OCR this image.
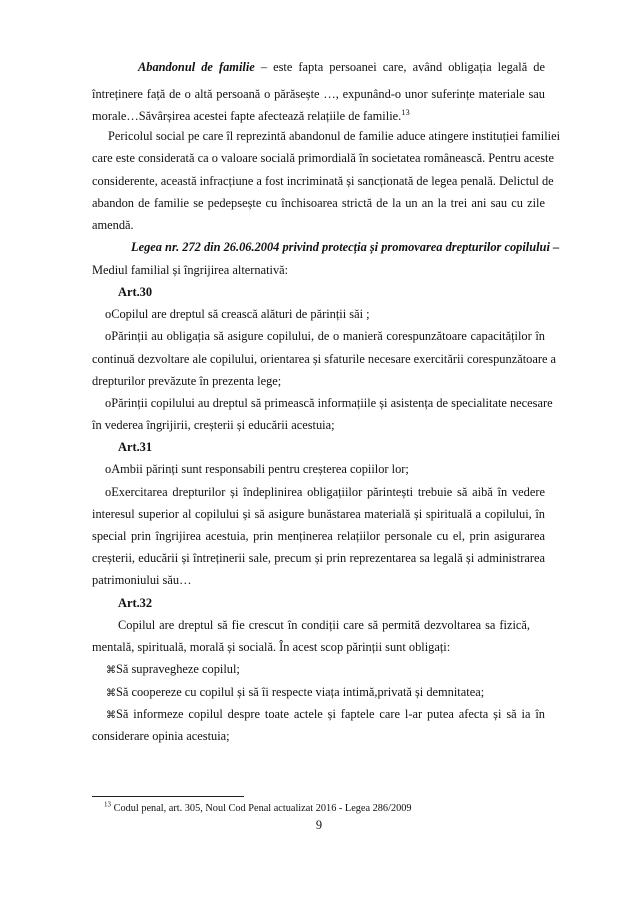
Abandonul de familie – este fapta persoanei care, având obligația legală de
întreținere față de o altă persoană o părăsește …, expunând-o unor suferințe materiale sau
morale…Săvârșirea acestei fapte afectează relațiile de familie.$^{13}$
Pericolul social pe care îl reprezintă abandonul de familie aduce atingere instituției familiei
care este considerată ca o valoare socială primordială în societatea românească. Pentru aceste
considerente, această infracțiune a fost incriminată și sancționată de legea penală. Delictul de
abandon de familie se pedepsește cu închisoarea strictă de la un an la trei ani sau cu zile
amendă.
Legea nr. 272 din 26.06.2004 privind protecția și promovarea drepturilor copilului –
Mediul familial și îngrijirea alternativă:
Art.30
oCopilul are dreptul să crească alături de părinții săi ;
oPărinții au obligația să asigure copilului, de o manieră corespunzătoare capacităților în
continuă dezvoltare ale copilului, orientarea și sfaturile necesare exercitării corespunzătoare a
drepturilor prevăzute în prezenta lege;
oPărinții copilului au dreptul să primească informațiile și asistența de specialitate necesare
în vederea îngrijirii, creșterii și educării acestuia;
Art.31
oAmbii părinți sunt responsabili pentru creșterea copiilor lor;
oExercitarea drepturilor și îndeplinirea obligațiilor părintești trebuie să aibă în vedere
interesul superior al copilului și să asigure bunăstarea materială și spirituală a copilului, în
special prin îngrijirea acestuia, prin menținerea relațiilor personale cu el, prin asigurarea
creșterii, educării și întreținerii sale, precum și prin reprezentarea sa legală și administrarea
patrimoniului său…
Art.32
Copilul are dreptul să fie crescut în condiții care să permită dezvoltarea sa fizică,
mentală, spirituală, morală și socială. În acest scop părinții sunt obligați:
⌘Să supravegheze copilul;
⌘Să coopereze cu copilul și să îi respecte viața intimă,privată și demnitatea;
⌘Să informeze copilul despre toate actele și faptele care l-ar putea afecta și să ia în
considerare opinia acestuia;
$^{13}$ Codul penal, art. 305, Noul Cod Penal actualizat 2016 - Legea 286/2009
9
